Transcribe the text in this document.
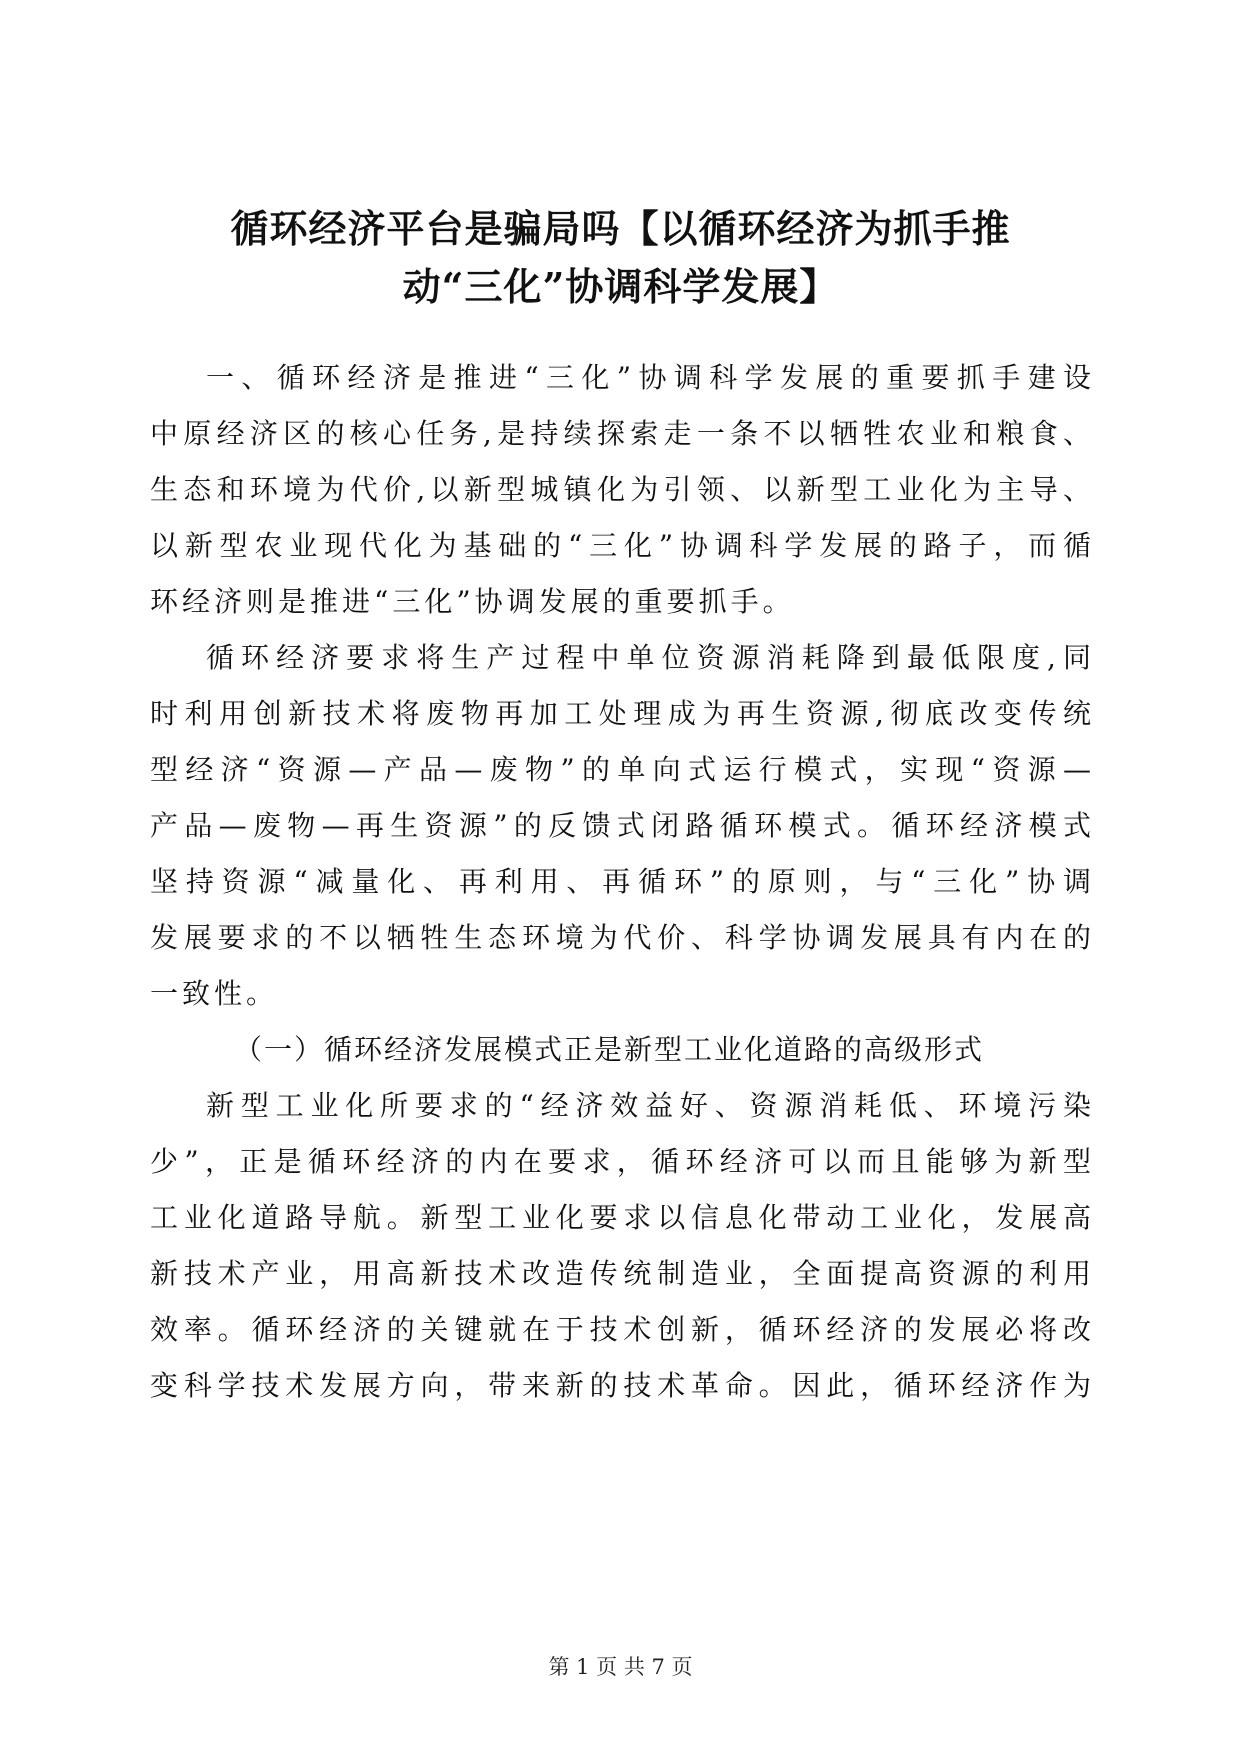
循环经济平台是骗局吗【以循环经济为抓手推
动“三化”协调科学发展】
一、循环经济是推进“三化”协调科学发展的重要抓手建设
中原经济区的核心任务,是持续探索走一条不以牺牲农业和粮食、
生态和环境为代价,以新型城镇化为引领、以新型工业化为主导、
以新型农业现代化为基础的“三化”协调科学发展的路子，而循
环经济则是推进“三化”协调发展的重要抓手。
循环经济要求将生产过程中单位资源消耗降到最低限度,同
时利用创新技术将废物再加工处理成为再生资源,彻底改变传统
型经济“资源—产品—废物”的单向式运行模式，实现“资源—
产品—废物—再生资源”的反馈式闭路循环模式。循环经济模式
坚持资源“减量化、再利用、再循环”的原则，与“三化”协调
发展要求的不以牺牲生态环境为代价、科学协调发展具有内在的
一致性。
（一）循环经济发展模式正是新型工业化道路的高级形式
新型工业化所要求的“经济效益好、资源消耗低、环境污染
少”，正是循环经济的内在要求，循环经济可以而且能够为新型
工业化道路导航。新型工业化要求以信息化带动工业化，发展高
新技术产业，用高新技术改造传统制造业，全面提高资源的利用
效率。循环经济的关键就在于技术创新，循环经济的发展必将改
变科学技术发展方向，带来新的技术革命。因此，循环经济作为
第 1 页 共 7 页
